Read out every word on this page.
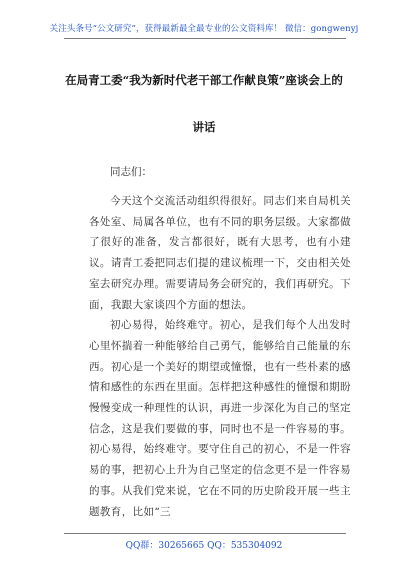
关注头条号“公文研究”，获得最新最全最专业的公文资料库！ 微信：gongwenyj
在局青工委“我为新时代老干部工作献良策”座谈会上的
讲话
同志们：

今天这个交流活动组织得很好。同志们来自局机关各处室、局属各单位，也有不同的职务层级。大家都做了很好的准备，发言都很好，既有大思考，也有小建议。请青工委把同志们提的建议梳理一下，交由相关处室去研究办理。需要请局务会研究的，我们再研究。下面，我跟大家谈四个方面的想法。

初心易得，始终难守。初心，是我们每个人出发时心里怀揣着一种能够给自己勇气，能够给自己能量的东西。初心是一个美好的期望或憧憬，也有一些朴素的感情和感性的东西在里面。怎样把这种感性的憧憬和期盼慢慢变成一种理性的认识，再进一步深化为自己的坚定信念，这是我们要做的事，同时也不是一件容易的事。初心易得，始终难守。要守住自己的初心，不是一件容易的事，把初心上升为自己坚定的信念更不是一件容易的事。从我们党来说，它在不同的历史阶段开展一些主题教育，比如“三

QQ群：30265665 QQ：535304092
